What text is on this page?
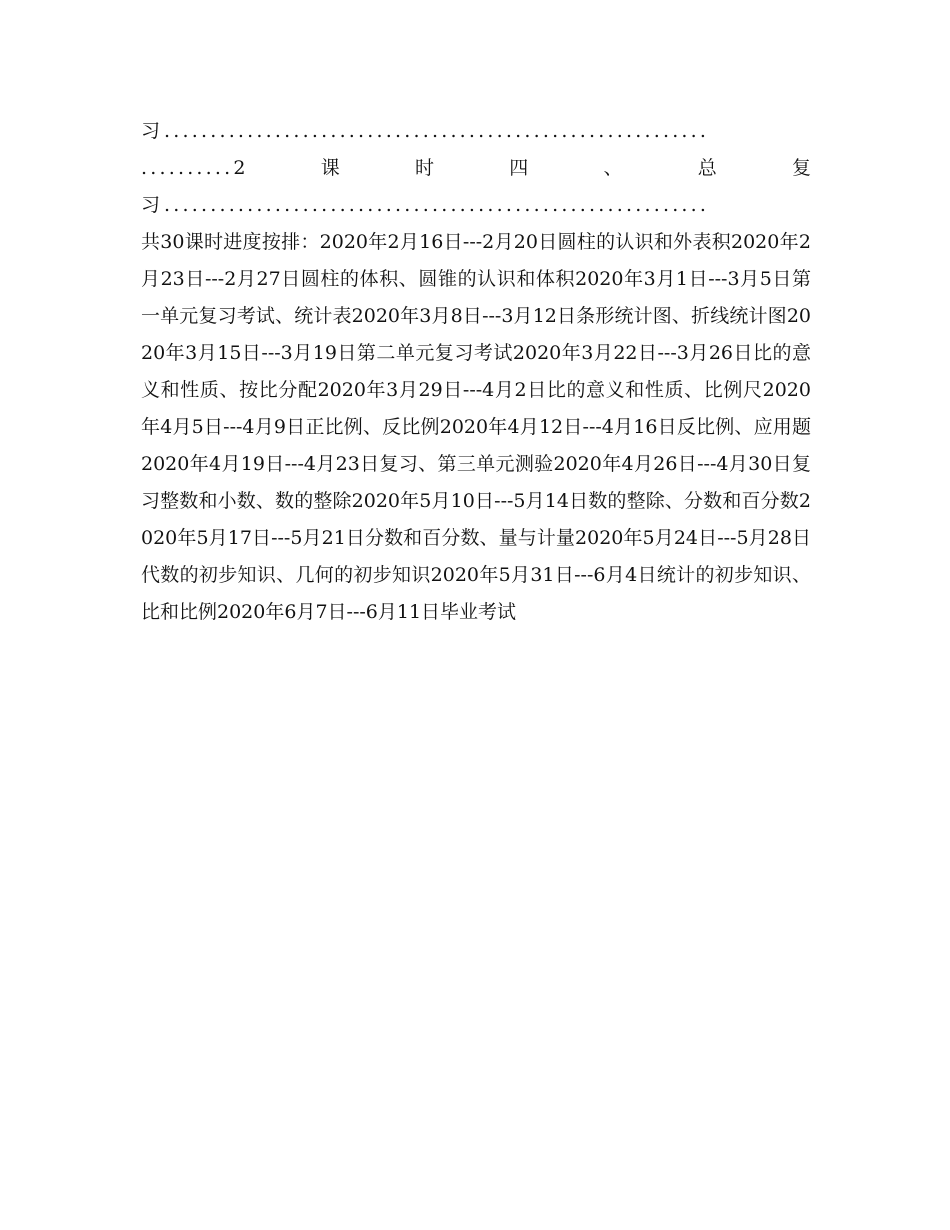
习 ...........................................................
..........2	课	时	四	、	总	复
习 ...........................................................

共30课时进度按排：2020年2月16日---2月20日圆柱的认识和外表积2020年2月23日---2月27日圆柱的体积、圆锥的认识和体积2020年3月1日---3月5日第一单元复习考试、统计表2020年3月8日---3月12日条形统计图、折线统计图2020年3月15日---3月19日第二单元复习考试2020年3月22日---3月26日比的意义和性质、按比分配2020年3月29日---4月2日比的意义和性质、比例尺2020年4月5日---4月9日正比例、反比例2020年4月12日---4月16日反比例、应用题2020年4月19日---4月23日复习、第三单元测验2020年4月26日---4月30日复习整数和小数、数的整除2020年5月10日---5月14日数的整除、分数和百分数2020年5月17日---5月21日分数和百分数、量与计量2020年5月24日---5月28日代数的初步知识、几何的初步知识2020年5月31日---6月4日统计的初步知识、比和比例2020年6月7日---6月11日毕业考试
